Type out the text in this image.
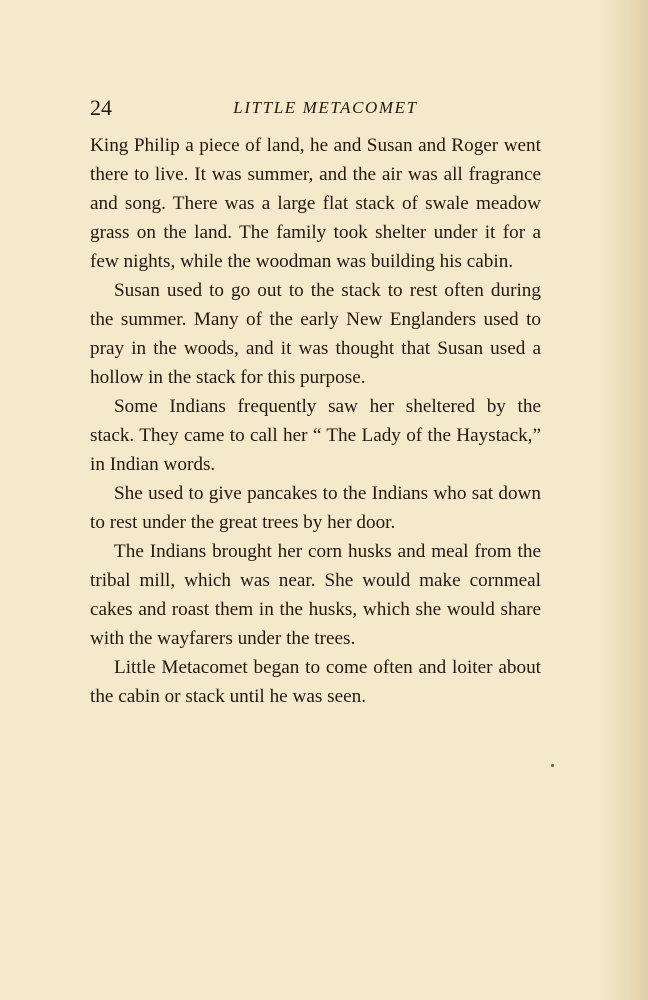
24	LITTLE METACOMET

King Philip a piece of land, he and Susan and Roger went there to live. It was summer, and the air was all fragrance and song. There was a large flat stack of swale meadow grass on the land. The family took shelter under it for a few nights, while the woodman was building his cabin.

Susan used to go out to the stack to rest often during the summer. Many of the early New Englanders used to pray in the woods, and it was thought that Susan used a hollow in the stack for this purpose.

Some Indians frequently saw her sheltered by the stack. They came to call her “ The Lady of the Haystack,” in Indian words.

She used to give pancakes to the Indians who sat down to rest under the great trees by her door.

The Indians brought her corn husks and meal from the tribal mill, which was near. She would make cornmeal cakes and roast them in the husks, which she would share with the wayfarers under the trees.

Little Metacomet began to come often and loiter about the cabin or stack until he was seen.
